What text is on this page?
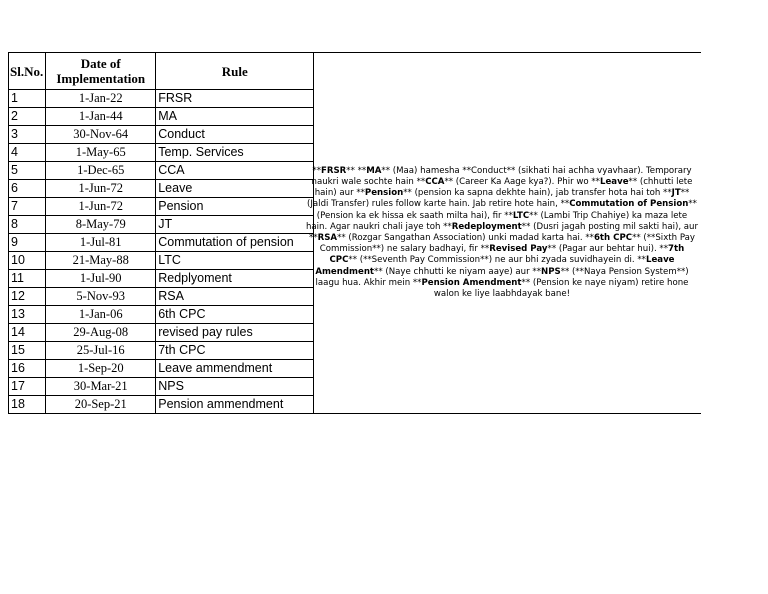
Sl.No.	Date of Implementation	Rule
1	1-Jan-22	FRSR
2	1-Jan-44	MA
3	30-Nov-64	Conduct
4	1-May-65	Temp. Services
5	1-Dec-65	CCA
6	1-Jun-72	Leave
7	1-Jun-72	Pension
8	8-May-79	JT
9	1-Jul-81	Commutation of pension
10	21-May-88	LTC
11	1-Jul-90	Redplyoment
12	5-Nov-93	RSA
13	1-Jan-06	6th CPC
14	29-Aug-08	revised pay rules
15	25-Jul-16	7th CPC
16	1-Sep-20	Leave ammendment
17	30-Mar-21	NPS
18	20-Sep-21	Pension ammendment

**FRSR** **MA** (Maa) hamesha **Conduct** (sikhati hai achha vyavhaar). Temporary naukri wale sochte hain **CCA** (Career Ka Aage kya?). Phir wo **Leave** (chhutti lete hain) aur **Pension** (pension ka sapna dekhte hain), jab transfer hota hai toh **JT** (Jaldi Transfer) rules follow karte hain. Jab retire hote hain, **Commutation of Pension** (Pension ka ek hissa ek saath milta hai), fir **LTC** (Lambi Trip Chahiye) ka maza lete hain. Agar naukri chali jaye toh **Redeployment** (Dusri jagah posting mil sakti hai), aur **RSA** (Rozgar Sangathan Association) unki madad karta hai. **6th CPC** (**Sixth Pay Commission**) ne salary badhayi, fir **Revised Pay** (Pagar aur behtar hui). **7th CPC** (**Seventh Pay Commission**) ne aur bhi zyada suvidhayein di. **Leave Amendment** (Naye chhutti ke niyam aaye) aur **NPS** (**Naya Pension System**) laagu hua. Akhir mein **Pension Amendment** (Pension ke naye niyam) retire hone walon ke liye laabhdayak bane!
